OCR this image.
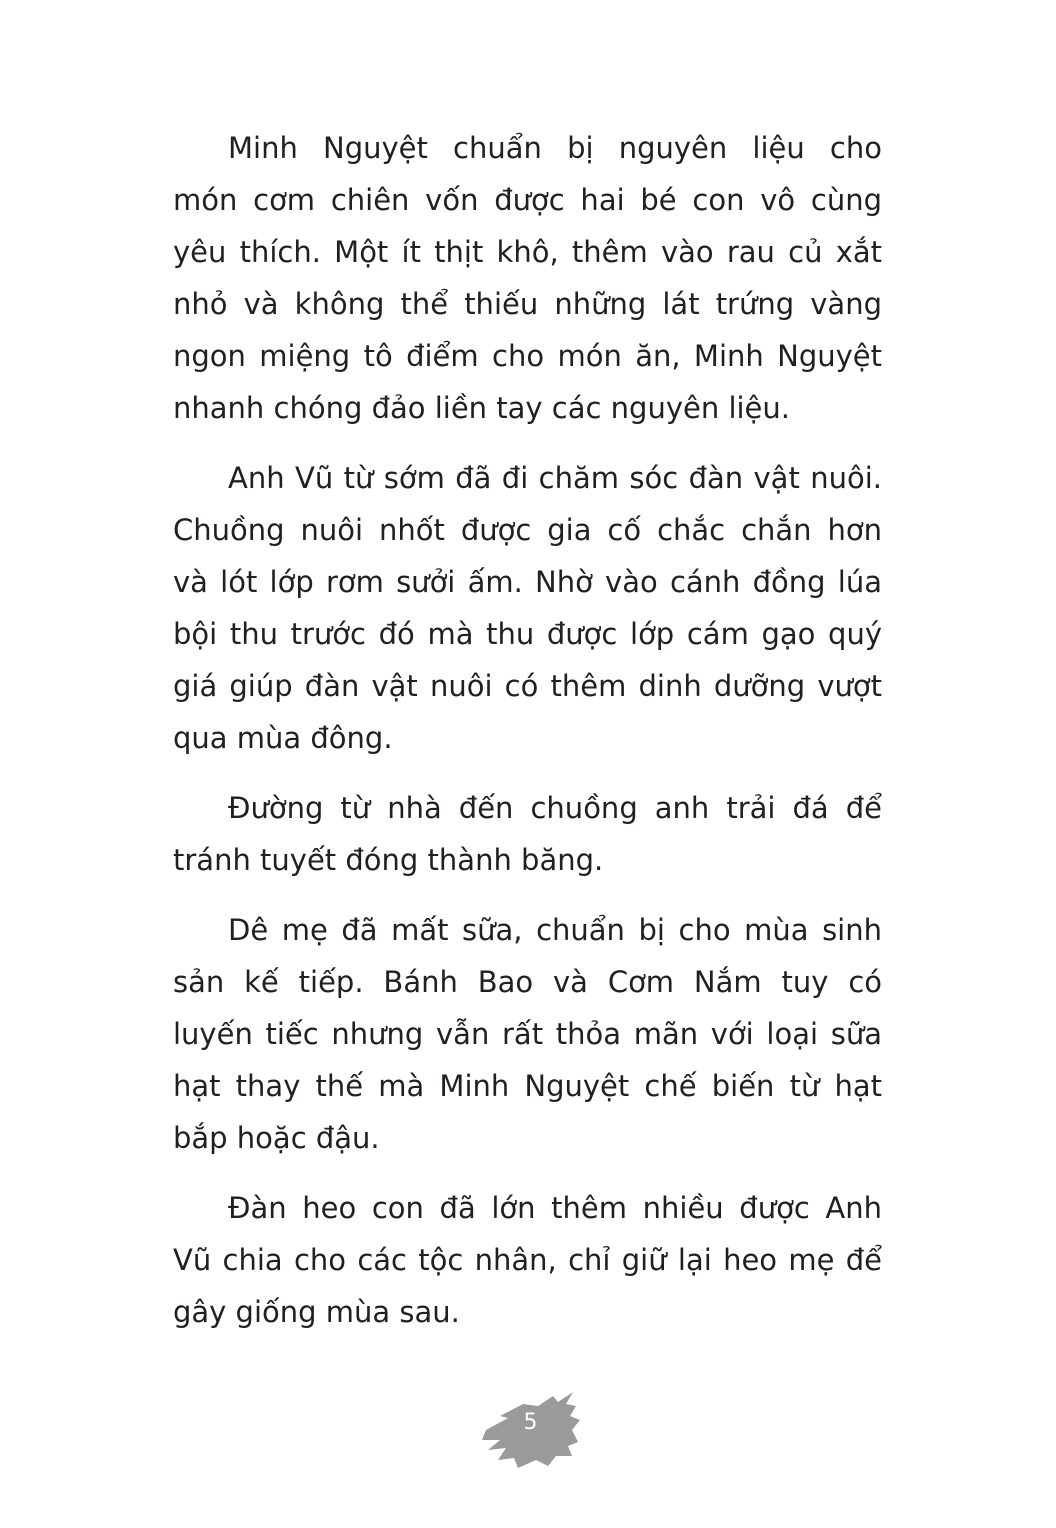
Minh Nguyệt chuẩn bị nguyên liệu cho
món cơm chiên vốn được hai bé con vô cùng
yêu thích. Một ít thịt khô, thêm vào rau củ xắt
nhỏ và không thể thiếu những lát trứng vàng
ngon miệng tô điểm cho món ăn, Minh Nguyệt
nhanh chóng đảo liền tay các nguyên liệu.
Anh Vũ từ sớm đã đi chăm sóc đàn vật nuôi.
Chuồng nuôi nhốt được gia cố chắc chắn hơn
và lót lớp rơm sưởi ấm. Nhờ vào cánh đồng lúa
bội thu trước đó mà thu được lớp cám gạo quý
giá giúp đàn vật nuôi có thêm dinh dưỡng vượt
qua mùa đông.
Đường từ nhà đến chuồng anh trải đá để
tránh tuyết đóng thành băng.
Dê mẹ đã mất sữa, chuẩn bị cho mùa sinh
sản kế tiếp. Bánh Bao và Cơm Nắm tuy có
luyến tiếc nhưng vẫn rất thỏa mãn với loại sữa
hạt thay thế mà Minh Nguyệt chế biến từ hạt
bắp hoặc đậu.
Đàn heo con đã lớn thêm nhiều được Anh
Vũ chia cho các tộc nhân, chỉ giữ lại heo mẹ để
gây giống mùa sau.
5
